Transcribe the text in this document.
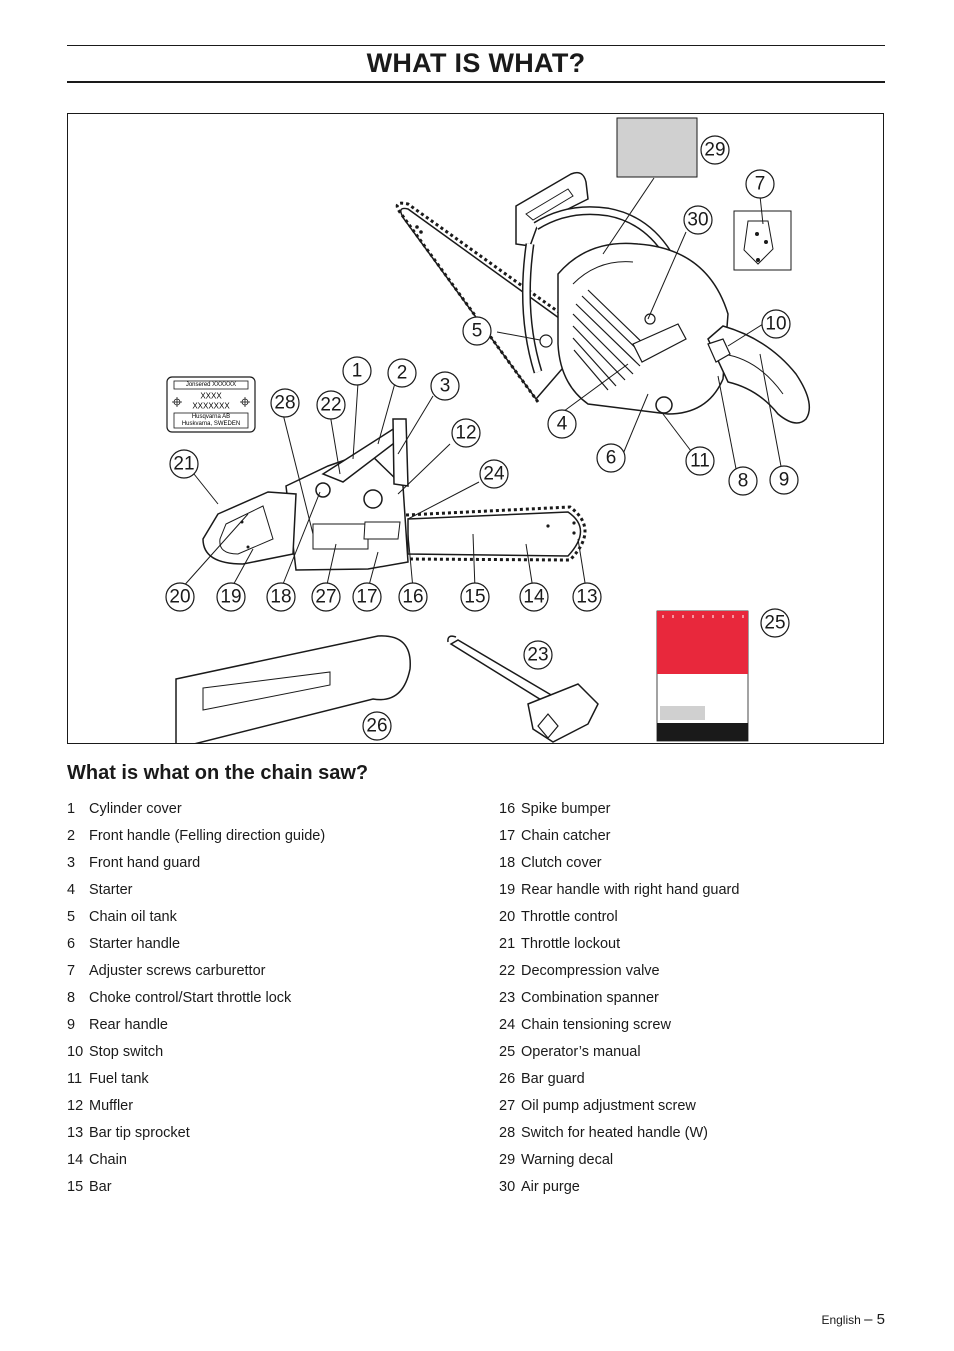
WHAT IS WHAT?
Jonsered XXXXXX
XXXX
XXXXXXX
Husqvarna AB
Huskvarna, SWEDEN
29
7
30
10
5
1 2
3
28 22
12	4
21	24
6	11
8 9
20 19 18 27 17 16 15 14 13
25
23
26
What is what on the chain saw?
1 Cylinder cover
2 Front handle (Felling direction guide)
3 Front hand guard
4 Starter
5 Chain oil tank
6 Starter handle
7 Adjuster screws carburettor
8 Choke control/Start throttle lock
9 Rear handle
10 Stop switch
11 Fuel tank
12 Muffler
13 Bar tip sprocket
14 Chain
15 Bar
16 Spike bumper
17 Chain catcher
18 Clutch cover
19 Rear handle with right hand guard
20 Throttle control
21 Throttle lockout
22 Decompression valve
23 Combination spanner
24 Chain tensioning screw
25 Operator’s manual
26 Bar guard
27 Oil pump adjustment screw
28 Switch for heated handle (W)
29 Warning decal
30 Air purge
English – 5
